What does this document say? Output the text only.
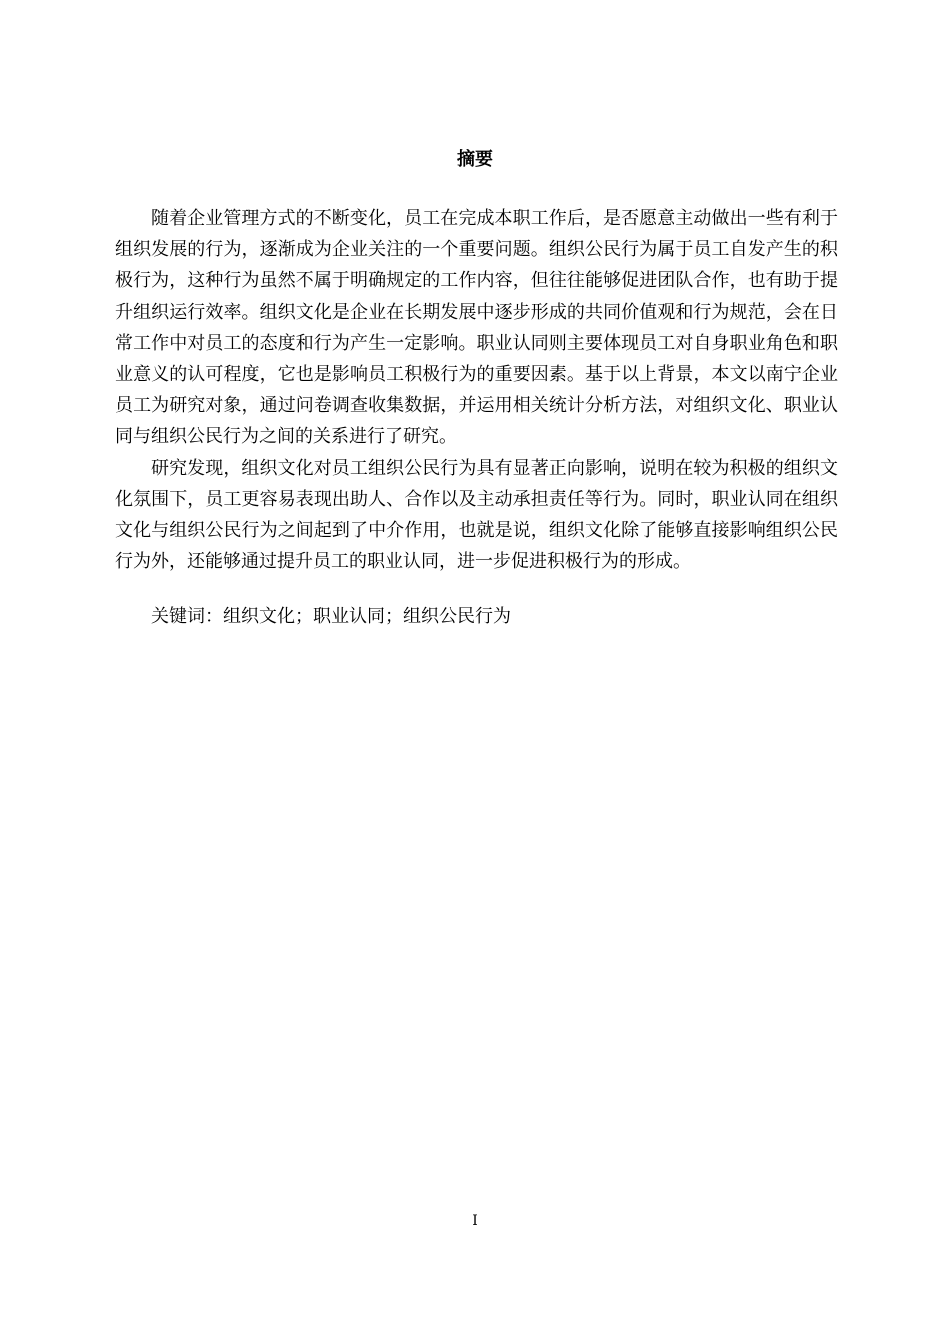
摘要

随着企业管理方式的不断变化，员工在完成本职工作后，是否愿意主动做出一些有利于组织发展的行为，逐渐成为企业关注的一个重要问题。组织公民行为属于员工自发产生的积极行为，这种行为虽然不属于明确规定的工作内容，但往往能够促进团队合作，也有助于提升组织运行效率。组织文化是企业在长期发展中逐步形成的共同价值观和行为规范，会在日常工作中对员工的态度和行为产生一定影响。职业认同则主要体现员工对自身职业角色和职业意义的认可程度，它也是影响员工积极行为的重要因素。基于以上背景，本文以南宁企业员工为研究对象，通过问卷调查收集数据，并运用相关统计分析方法，对组织文化、职业认同与组织公民行为之间的关系进行了研究。

研究发现，组织文化对员工组织公民行为具有显著正向影响，说明在较为积极的组织文化氛围下，员工更容易表现出助人、合作以及主动承担责任等行为。同时，职业认同在组织文化与组织公民行为之间起到了中介作用，也就是说，组织文化除了能够直接影响组织公民行为外，还能够通过提升员工的职业认同，进一步促进积极行为的形成。

关键词：组织文化；职业认同；组织公民行为

I
